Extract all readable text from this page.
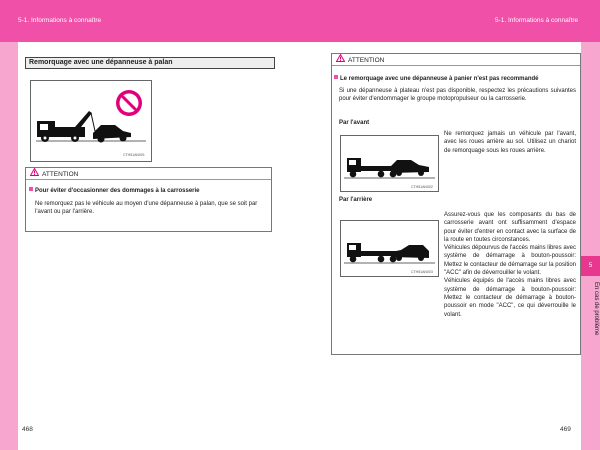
5-1. Informations à connaître	5-1. Informations à connaître
5
En cas de problème
Remorquage avec une dépanneuse à palan
CTH51AN001
ATTENTION
Pour éviter d'occasionner des dommages à la carrosserie
Ne remorquez pas le véhicule au moyen d'une dépanneuse à palan, que se soit par l'avant ou par l'arrière.
468
ATTENTION
Le remorquage avec une dépanneuse à panier n'est pas recommandé
Si une dépanneuse à plateau n'est pas disponible, respectez les précautions suivantes pour éviter d'endommager le groupe motopropulseur ou la carrosserie.
Par l'avant
Ne remorquez jamais un véhicule par l'avant, avec les roues arrière au sol. Utilisez un chariot de remorquage sous les roues arrière.
Par l'arrière
Assurez-vous que les composants du bas de carrosserie avant ont suffisamment d'espace pour éviter d'entrer en contact avec la surface de la route en toutes circonstances.
Véhicules dépourvus de l'accès mains libres avec système de démarrage à bouton-poussoir: Mettez le contacteur de démarrage sur la position "ACC" afin de déverrouiller le volant.
Véhicules équipés de l'accès mains libres avec système de démarrage à bouton-poussoir: Mettez le contacteur de démarrage à bouton-poussoir en mode "ACC", ce qui déverrouille le volant.
CTH51AN002
CTH51AN003
469
